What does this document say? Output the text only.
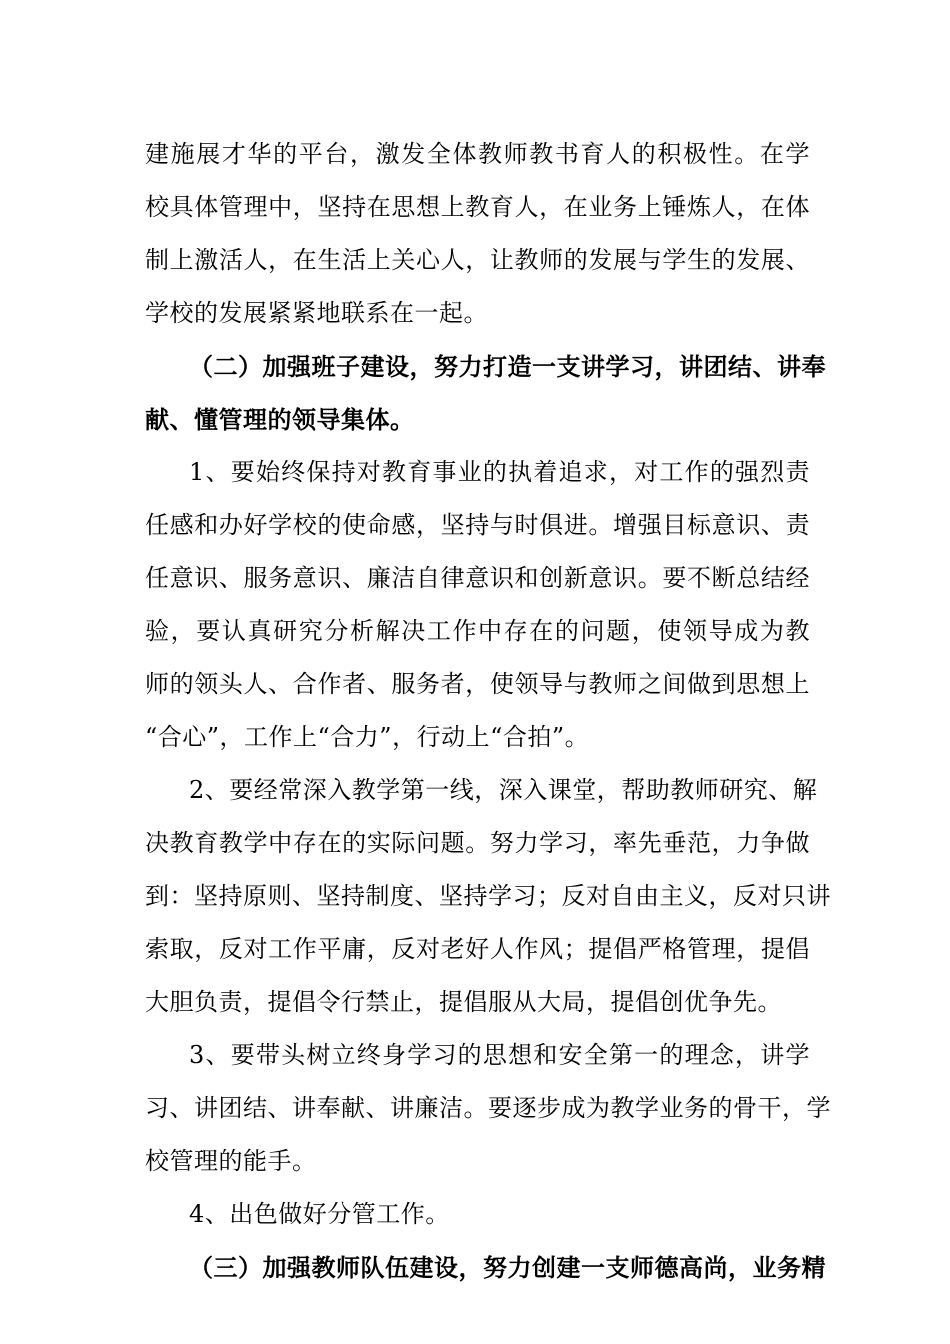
建施展才华的平台，激发全体教师教书育人的积极性。在学
校具体管理中，坚持在思想上教育人，在业务上锤炼人，在体
制上激活人，在生活上关心人，让教师的发展与学生的发展、
学校的发展紧紧地联系在一起。
（二）加强班子建设，努力打造一支讲学习，讲团结、讲奉
献、懂管理的领导集体。
1、要始终保持对教育事业的执着追求，对工作的强烈责
任感和办好学校的使命感，坚持与时俱进。增强目标意识、责
任意识、服务意识、廉洁自律意识和创新意识。要不断总结经
验，要认真研究分析解决工作中存在的问题，使领导成为教
师的领头人、合作者、服务者，使领导与教师之间做到思想上
“合心”，工作上“合力”，行动上“合拍”。
2、要经常深入教学第一线，深入课堂，帮助教师研究、解
决教育教学中存在的实际问题。努力学习，率先垂范，力争做
到：坚持原则、坚持制度、坚持学习；反对自由主义，反对只讲
索取，反对工作平庸，反对老好人作风；提倡严格管理，提倡
大胆负责，提倡令行禁止，提倡服从大局，提倡创优争先。
3、要带头树立终身学习的思想和安全第一的理念，讲学
习、讲团结、讲奉献、讲廉洁。要逐步成为教学业务的骨干，学
校管理的能手。
4、出色做好分管工作。
（三）加强教师队伍建设，努力创建一支师德高尚，业务精
